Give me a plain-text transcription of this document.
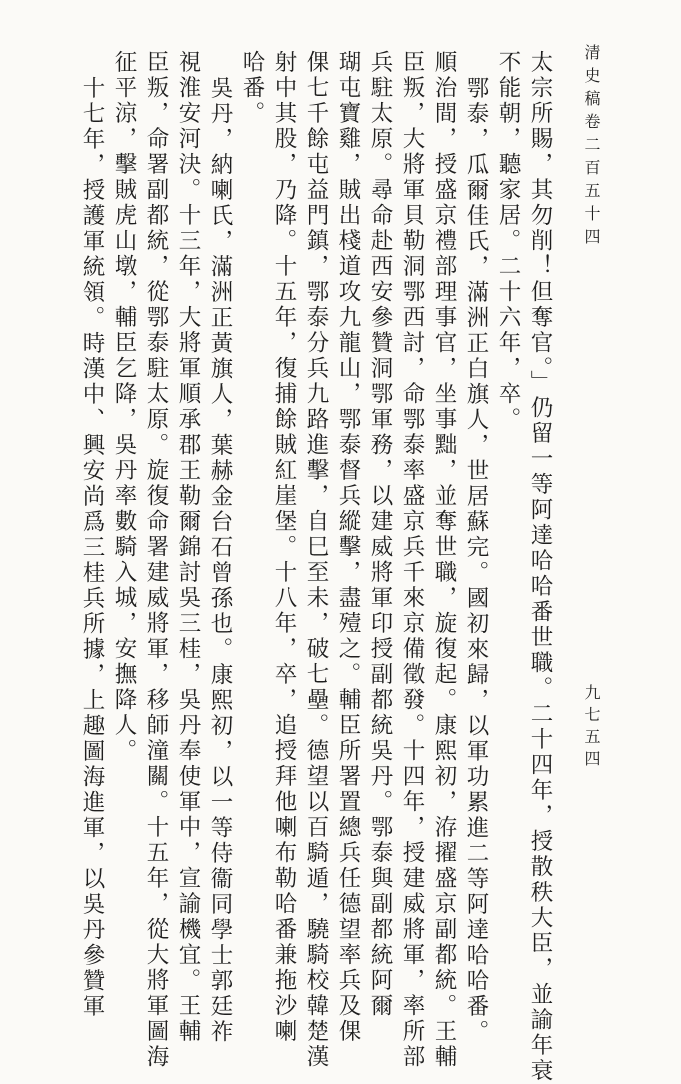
清史稿卷二百五十四
九七五四
太宗所賜，其勿削！但奪官。」仍留一等阿達哈哈番世職。二十四年，授散秩大臣，並諭年衰
不能朝，聽家居。二十六年，卒。
鄂泰，瓜爾佳氏，滿洲正白旗人，世居蘇完。國初來歸，以軍功累進二等阿達哈哈番。
順治間，授盛京禮部理事官，坐事黜，並奪世職，旋復起。康熙初，洊擢盛京副都統。王輔
臣叛，大將軍貝勒洞鄂西討，命鄂泰率盛京兵千來京備徵發。十四年，授建威將軍，率所部
兵駐太原。尋命赴西安參贊洞鄂軍務，以建威將軍印授副都統吳丹。鄂泰與副都統阿爾
瑚屯寶雞，賊出棧道攻九龍山，鄂泰督兵縱擊，盡殪之。輔臣所署置總兵任德望率兵及倮
倮七千餘屯益門鎮，鄂泰分兵九路進擊，自巳至未，破七壘。德望以百騎遁，驍騎校韓楚漢
射中其股，乃降。十五年，復捕餘賊紅崖堡。十八年，卒，追授拜他喇布勒哈番兼拖沙喇
哈番。
吳丹，納喇氏，滿洲正黃旗人，葉赫金台石曾孫也。康熙初，以一等侍衞同學士郭廷祚
視淮安河決。十三年，大將軍順承郡王勒爾錦討吳三桂，吳丹奉使軍中，宣諭機宜。王輔
臣叛，命署副都統，從鄂泰駐太原。旋復命署建威將軍，移師潼關。十五年，從大將軍圖海
征平涼，擊賊虎山墩，輔臣乞降，吳丹率數騎入城，安撫降人。
十七年，授護軍統領。時漢中、興安尚爲三桂兵所據，上趣圖海進軍，以吳丹參贊軍
